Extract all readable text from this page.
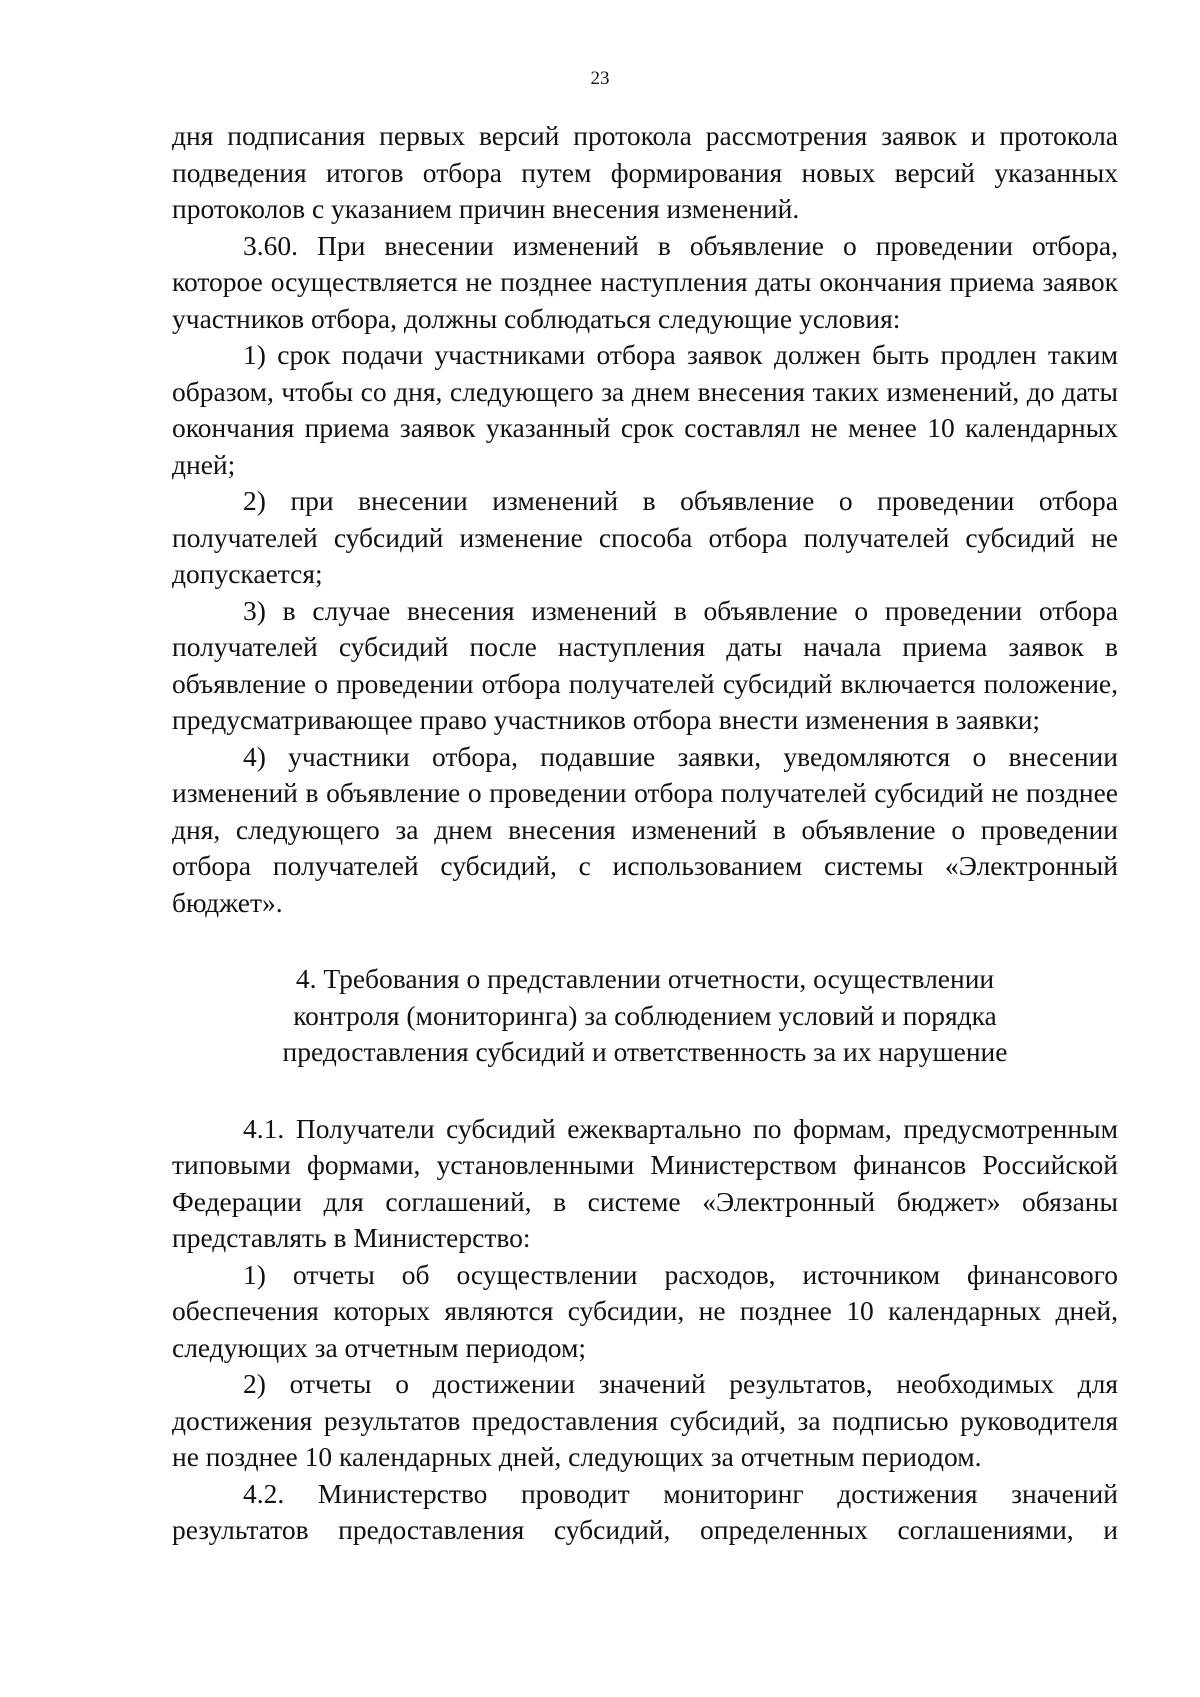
23

дня подписания первых версий протокола рассмотрения заявок и протокола подведения итогов отбора путем формирования новых версий указанных протоколов с указанием причин внесения изменений.

3.60. При внесении изменений в объявление о проведении отбора, которое осуществляется не позднее наступления даты окончания приема заявок участников отбора, должны соблюдаться следующие условия:

1) срок подачи участниками отбора заявок должен быть продлен таким образом, чтобы со дня, следующего за днем внесения таких изменений, до даты окончания приема заявок указанный срок составлял не менее 10 календарных дней;

2) при внесении изменений в объявление о проведении отбора получателей субсидий изменение способа отбора получателей субсидий не допускается;

3) в случае внесения изменений в объявление о проведении отбора получателей субсидий после наступления даты начала приема заявок в объявление о проведении отбора получателей субсидий включается положение, предусматривающее право участников отбора внести изменения в заявки;

4) участники отбора, подавшие заявки, уведомляются о внесении изменений в объявление о проведении отбора получателей субсидий не позднее дня, следующего за днем внесения изменений в объявление о проведении отбора получателей субсидий, с использованием системы «Электронный бюджет».

4. Требования о представлении отчетности, осуществлении
контроля (мониторинга) за соблюдением условий и порядка
предоставления субсидий и ответственность за их нарушение

4.1. Получатели субсидий ежеквартально по формам, предусмотренным типовыми формами, установленными Министерством финансов Российской Федерации для соглашений, в системе «Электронный бюджет» обязаны представлять в Министерство:

1) отчеты об осуществлении расходов, источником финансового обеспечения которых являются субсидии, не позднее 10 календарных дней, следующих за отчетным периодом;

2) отчеты о достижении значений результатов, необходимых для достижения результатов предоставления субсидий, за подписью руководителя не позднее 10 календарных дней, следующих за отчетным периодом.

4.2. Министерство проводит мониторинг достижения значений результатов предоставления субсидий, определенных соглашениями, и
